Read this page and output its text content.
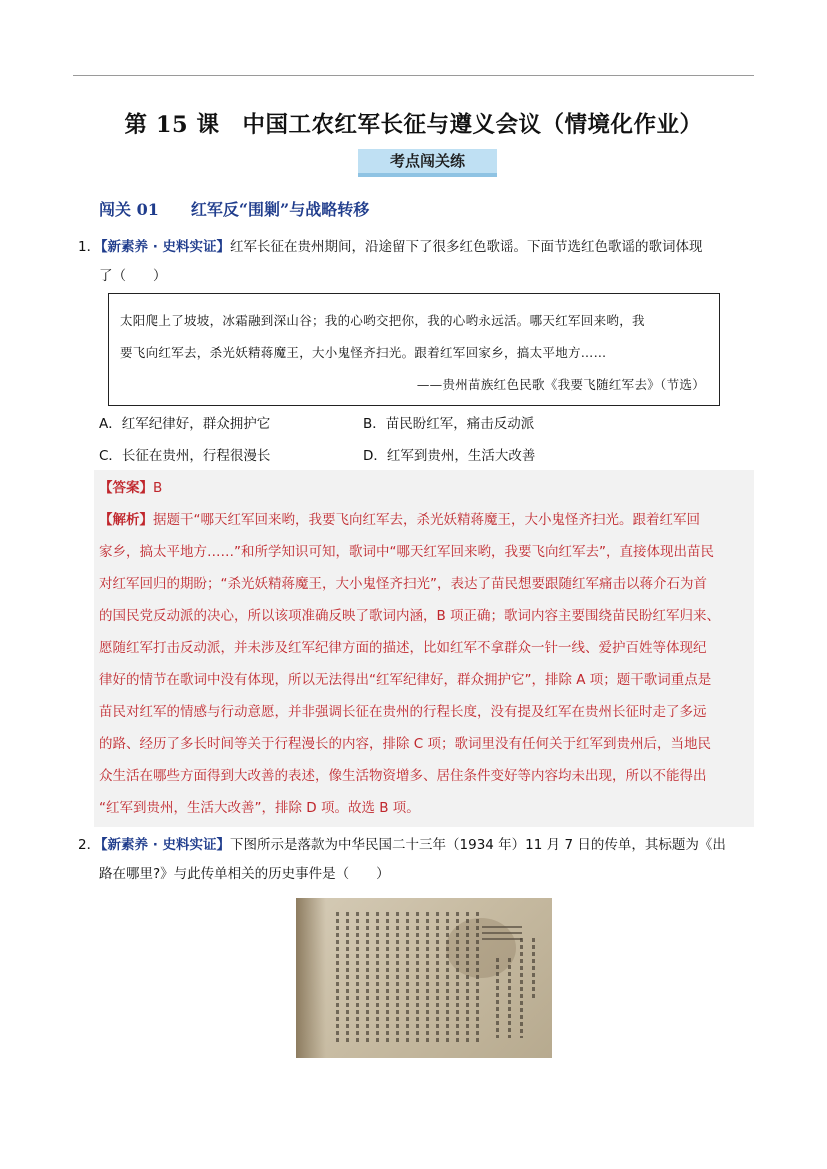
第 15 课　中国工农红军长征与遵义会议（情境化作业）
考点闯关练
闯关 01 红军反“围剿”与战略转移
1．
【新素养 · 史料实证】红军长征在贵州期间，沿途留下了很多红色歌谣。下面节选红色歌谣的歌词体现
了（　　）
太阳爬上了坡坡，冰霜融到深山谷；我的心哟交把你，我的心哟永远活。哪天红军回来哟，我
要飞向红军去，杀光妖精蒋魔王，大小鬼怪齐扫光。跟着红军回家乡，搞太平地方……
——贵州苗族红色民歌《我要飞随红军去》（节选）
A．红军纪律好，群众拥护它	B．苗民盼红军，痛击反动派
C．长征在贵州，行程很漫长	D．红军到贵州，生活大改善
【答案】B
【解析】据题干“哪天红军回来哟，我要飞向红军去，杀光妖精蒋魔王，大小鬼怪齐扫光。跟着红军回
家乡，搞太平地方……”和所学知识可知，歌词中“哪天红军回来哟，我要飞向红军去”，直接体现出苗民
对红军回归的期盼；“杀光妖精蒋魔王，大小鬼怪齐扫光”，表达了苗民想要跟随红军痛击以蒋介石为首
的国民党反动派的决心，所以该项准确反映了歌词内涵，B 项正确；歌词内容主要围绕苗民盼红军归来、
愿随红军打击反动派，并未涉及红军纪律方面的描述，比如红军不拿群众一针一线、爱护百姓等体现纪
律好的情节在歌词中没有体现，所以无法得出“红军纪律好，群众拥护它”，排除 A 项；题干歌词重点是
苗民对红军的情感与行动意愿，并非强调长征在贵州的行程长度，没有提及红军在贵州长征时走了多远
的路、经历了多长时间等关于行程漫长的内容，排除 C 项；歌词里没有任何关于红军到贵州后，当地民
众生活在哪些方面得到大改善的表述，像生活物资增多、居住条件变好等内容均未出现，所以不能得出
“红军到贵州，生活大改善”，排除 D 项。故选 B 项。
2．
【新素养 · 史料实证】下图所示是落款为中华民国二十三年（1934 年）11 月 7 日的传单，其标题为《出
路在哪里?》与此传单相关的历史事件是（　　）
